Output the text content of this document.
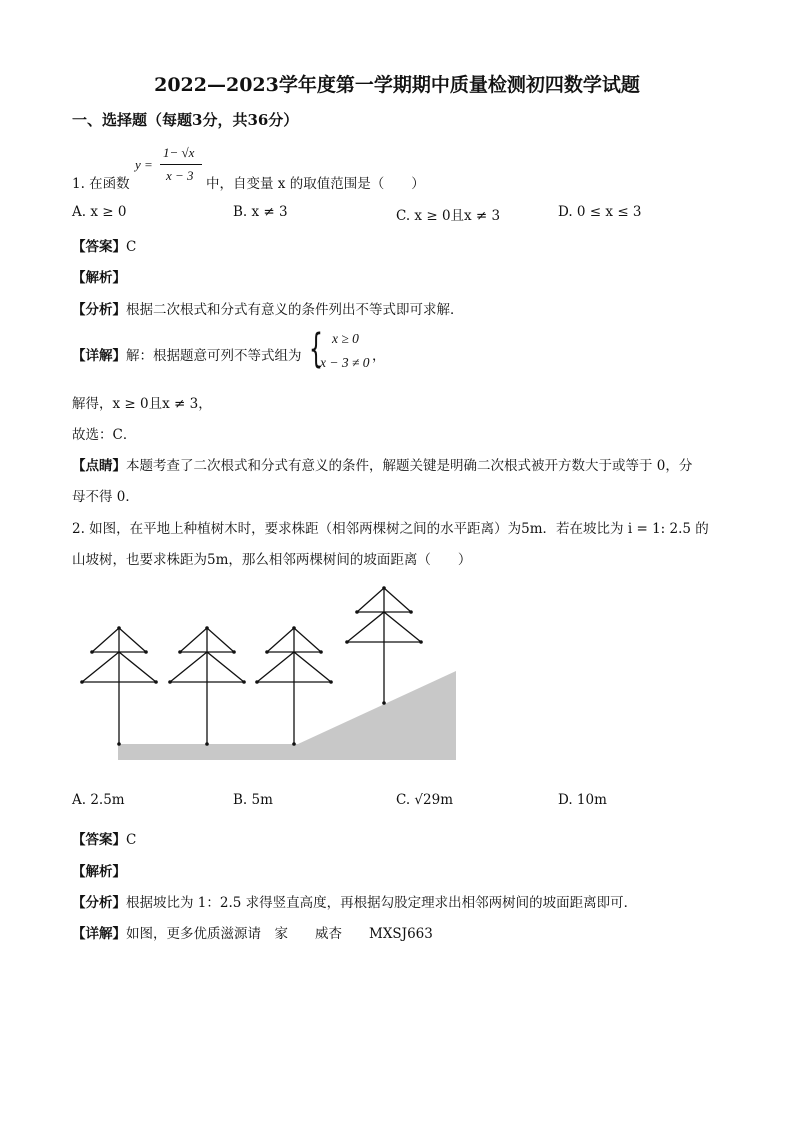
2022—2023学年度第一学期期中质量检测初四数学试题
一、选择题（每题3分，共36分）
1. 在函数
y =
1− √x
x − 3
中，自变量 x 的取值范围是（　　）
A. x ≥ 0	B. x ≠ 3	C. x ≥ 0且x ≠ 3	D. 0 ≤ x ≤ 3
【答案】C
【解析】
【分析】根据二次根式和分式有意义的条件列出不等式即可求解．
【详解】解：根据题意可列不等式组为 { x ≥ 0
x − 3 ≠ 0 ，
解得，x ≥ 0且x ≠ 3，
故选：C．
【点睛】本题考查了二次根式和分式有意义的条件，解题关键是明确二次根式被开方数大于或等于 0，分
母不得 0．
2. 如图，在平地上种植树木时，要求株距（相邻两棵树之间的水平距离）为5m．若在坡比为 i = 1: 2.5 的
山坡树，也要求株距为5m，那么相邻两棵树间的坡面距离（　　）
A. 2.5m	B. 5m	C. √29m	D. 10m
【答案】C
【解析】
【分析】根据坡比为 1：2.5 求得竖直高度，再根据勾股定理求出相邻两树间的坡面距离即可．
【详解】如图，更多优质滋源请　家　　威杏　　MXSJ663
